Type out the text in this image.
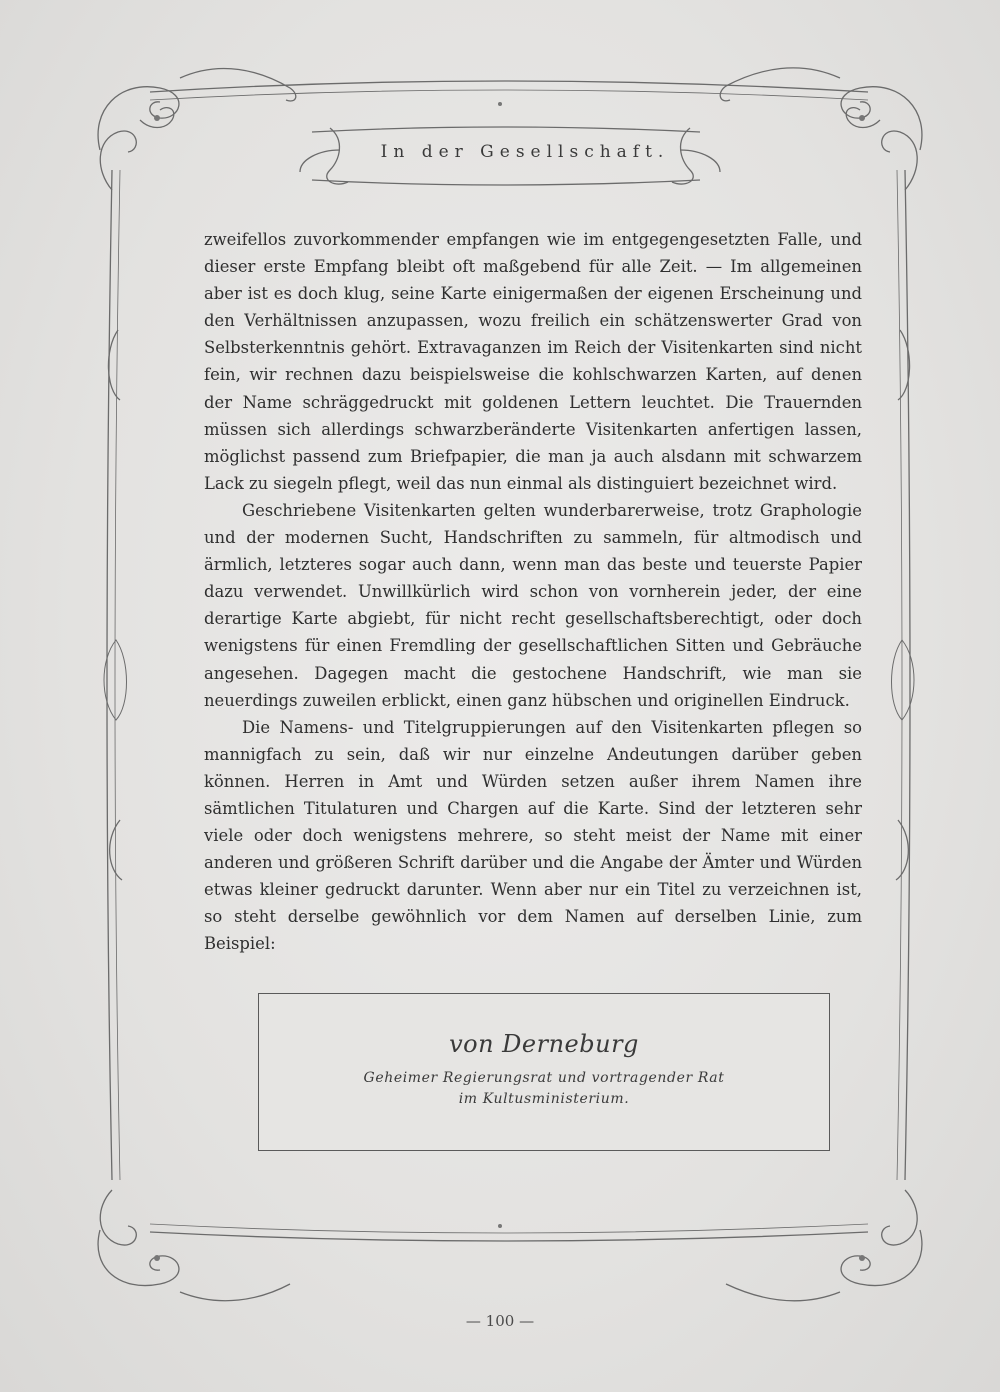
In der Gesellschaft.

zweifellos zuvorkommender empfangen wie im entgegengesetzten Falle, und dieser erste Empfang bleibt oft maßgebend für alle Zeit. — Im allgemeinen aber ist es doch klug, seine Karte einigermaßen der eigenen Erscheinung und den Verhältnissen anzupassen, wozu freilich ein schätzenswerter Grad von Selbsterkenntnis gehört. Extravaganzen im Reich der Visitenkarten sind nicht fein, wir rechnen dazu beispielsweise die kohlschwarzen Karten, auf denen der Name schräggedruckt mit goldenen Lettern leuchtet. Die Trauernden müssen sich allerdings schwarzberänderte Visitenkarten anfertigen lassen, möglichst passend zum Briefpapier, die man ja auch alsdann mit schwarzem Lack zu siegeln pflegt, weil das nun einmal als distinguiert bezeichnet wird.

Geschriebene Visitenkarten gelten wunderbarerweise, trotz Graphologie und der modernen Sucht, Handschriften zu sammeln, für altmodisch und ärmlich, letzteres sogar auch dann, wenn man das beste und teuerste Papier dazu verwendet. Unwillkürlich wird schon von vornherein jeder, der eine derartige Karte abgiebt, für nicht recht gesellschaftsberechtigt, oder doch wenigstens für einen Fremdling der gesellschaftlichen Sitten und Gebräuche angesehen. Dagegen macht die gestochene Handschrift, wie man sie neuerdings zuweilen erblickt, einen ganz hübschen und originellen Eindruck.

Die Namens- und Titelgruppierungen auf den Visitenkarten pflegen so mannigfach zu sein, daß wir nur einzelne Andeutungen darüber geben können. Herren in Amt und Würden setzen außer ihrem Namen ihre sämtlichen Titulaturen und Chargen auf die Karte. Sind der letzteren sehr viele oder doch wenigstens mehrere, so steht meist der Name mit einer anderen und größeren Schrift darüber und die Angabe der Ämter und Würden etwas kleiner gedruckt darunter. Wenn aber nur ein Titel zu verzeichnen ist, so steht derselbe gewöhnlich vor dem Namen auf derselben Linie, zum Beispiel:

von Derneburg
Geheimer Regierungsrat und vortragender Rat
im Kultusministerium.
— 100 —
